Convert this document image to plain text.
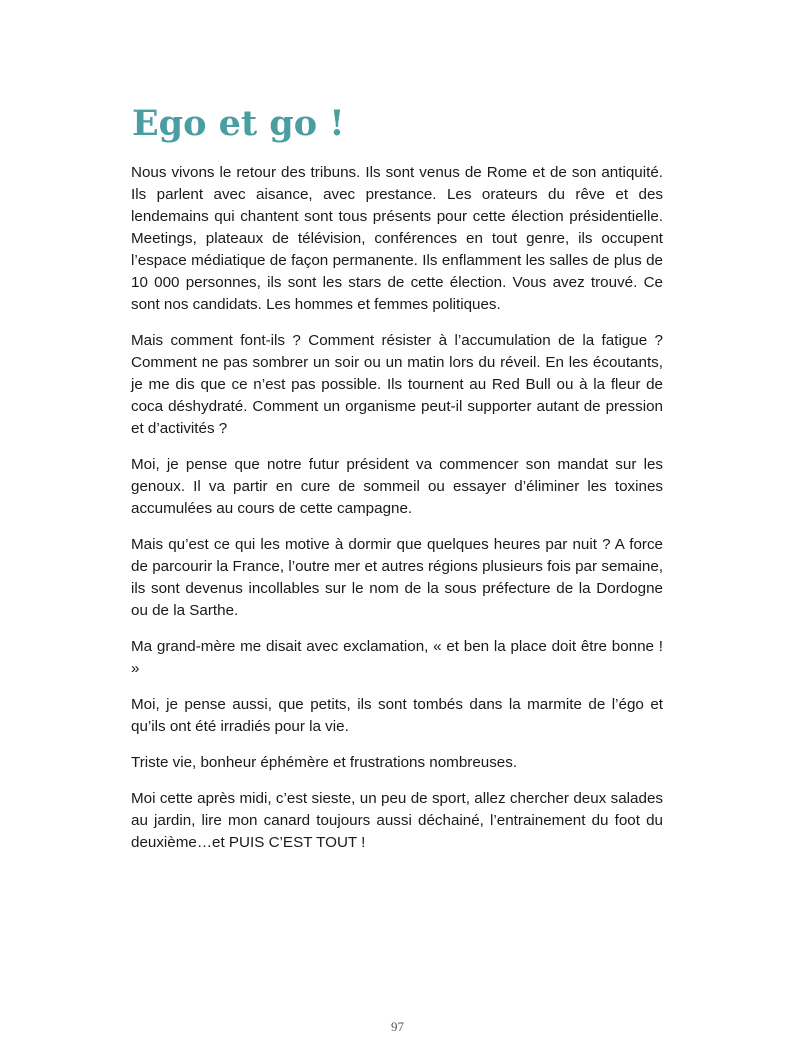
Ego et go !

Nous vivons le retour des tribuns. Ils sont venus de Rome et de son antiquité. Ils parlent avec aisance, avec prestance. Les orateurs du rêve et des lendemains qui chantent sont tous présents pour cette élection présidentielle. Meetings, plateaux de télévision, conférences en tout genre, ils occupent l’espace médiatique de façon permanente. Ils enflamment les salles de plus de 10 000 personnes, ils sont les stars de cette élection. Vous avez trouvé. Ce sont nos candidats. Les hommes et femmes politiques.

Mais comment font-ils ? Comment résister à l’accumulation de la fatigue ? Comment ne pas sombrer un soir ou un matin lors du réveil. En les écoutants, je me dis que ce n’est pas possible. Ils tournent au Red Bull ou à la fleur de coca déshydraté. Comment un organisme peut-il supporter autant de pression et d’activités ?

Moi, je pense que notre futur président va commencer son mandat sur les genoux. Il va partir en cure de sommeil ou essayer d’éliminer les toxines accumulées au cours de cette campagne.

Mais qu’est ce qui les motive à dormir que quelques heures par nuit ? A force de parcourir la France, l’outre mer et autres régions plusieurs fois par semaine, ils sont devenus incollables sur le nom de la sous préfecture de la Dordogne ou de la Sarthe.

Ma grand-mère me disait avec exclamation, « et ben la place doit être bonne ! »

Moi, je pense aussi, que petits, ils sont tombés dans la marmite de l’égo et qu’ils ont été irradiés pour la vie.

Triste vie, bonheur éphémère et frustrations nombreuses.

Moi cette après midi, c’est sieste, un peu de sport, allez chercher deux salades au jardin, lire mon canard toujours aussi déchainé, l’entrainement du foot du deuxième…et PUIS C’EST TOUT !

97
